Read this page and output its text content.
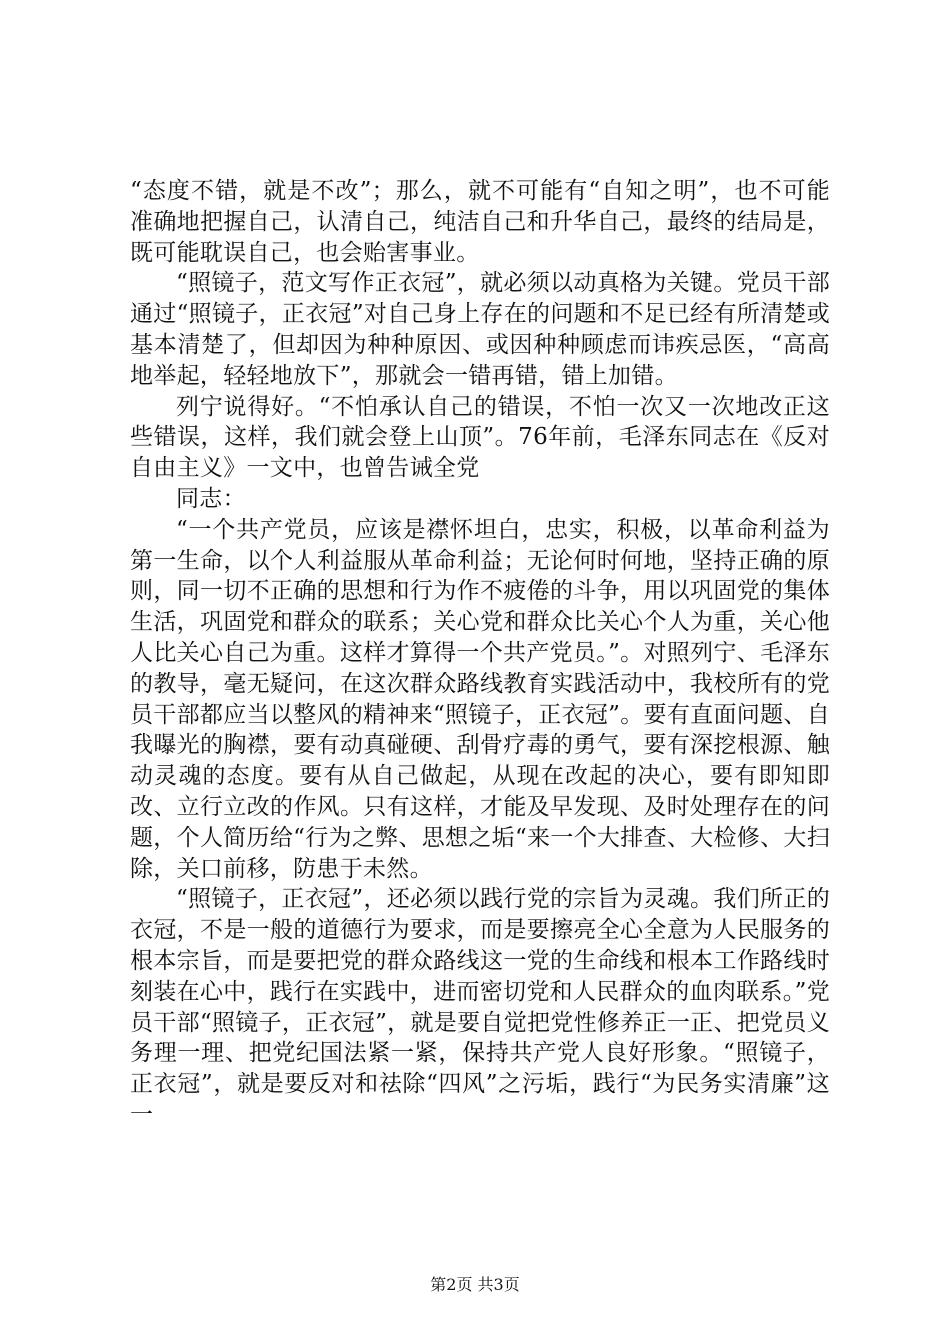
“态度不错，就是不改”；那么，就不可能有“自知之明”，也不可能准确地把握自己，认清自己，纯洁自己和升华自己，最终的结局是，既可能耽误自己，也会贻害事业。

“照镜子，范文写作正衣冠”，就必须以动真格为关键。党员干部通过“照镜子，正衣冠”对自己身上存在的问题和不足已经有所清楚或基本清楚了，但却因为种种原因、或因种种顾虑而讳疾忌医，“高高地举起，轻轻地放下”，那就会一错再错，错上加错。

列宁说得好。“不怕承认自己的错误，不怕一次又一次地改正这些错误，这样，我们就会登上山顶”。76年前，毛泽东同志在《反对自由主义》一文中，也曾告诫全党

同志：

“一个共产党员，应该是襟怀坦白，忠实，积极，以革命利益为第一生命，以个人利益服从革命利益；无论何时何地，坚持正确的原则，同一切不正确的思想和行为作不疲倦的斗争，用以巩固党的集体生活，巩固党和群众的联系；关心党和群众比关心个人为重，关心他人比关心自己为重。这样才算得一个共产党员。”。对照列宁、毛泽东的教导，毫无疑问，在这次群众路线教育实践活动中，我校所有的党员干部都应当以整风的精神来“照镜子，正衣冠”。要有直面问题、自我曝光的胸襟，要有动真碰硬、刮骨疗毒的勇气，要有深挖根源、触动灵魂的态度。要有从自己做起，从现在改起的决心，要有即知即改、立行立改的作风。只有这样，才能及早发现、及时处理存在的问题，个人简历给“行为之弊、思想之垢“来一个大排查、大检修、大扫除，关口前移，防患于未然。

“照镜子，正衣冠”，还必须以践行党的宗旨为灵魂。我们所正的衣冠，不是一般的道德行为要求，而是要擦亮全心全意为人民服务的根本宗旨，而是要把党的群众路线这一党的生命线和根本工作路线时刻装在心中，践行在实践中，进而密切党和人民群众的血肉联系。”党员干部“照镜子，正衣冠”，就是要自觉把党性修养正一正、把党员义务理一理、把党纪国法紧一紧，保持共产党人良好形象。“照镜子，正衣冠”，就是要反对和祛除“四风”之污垢，践行“为民务实清廉”这一

第2页 共3页
